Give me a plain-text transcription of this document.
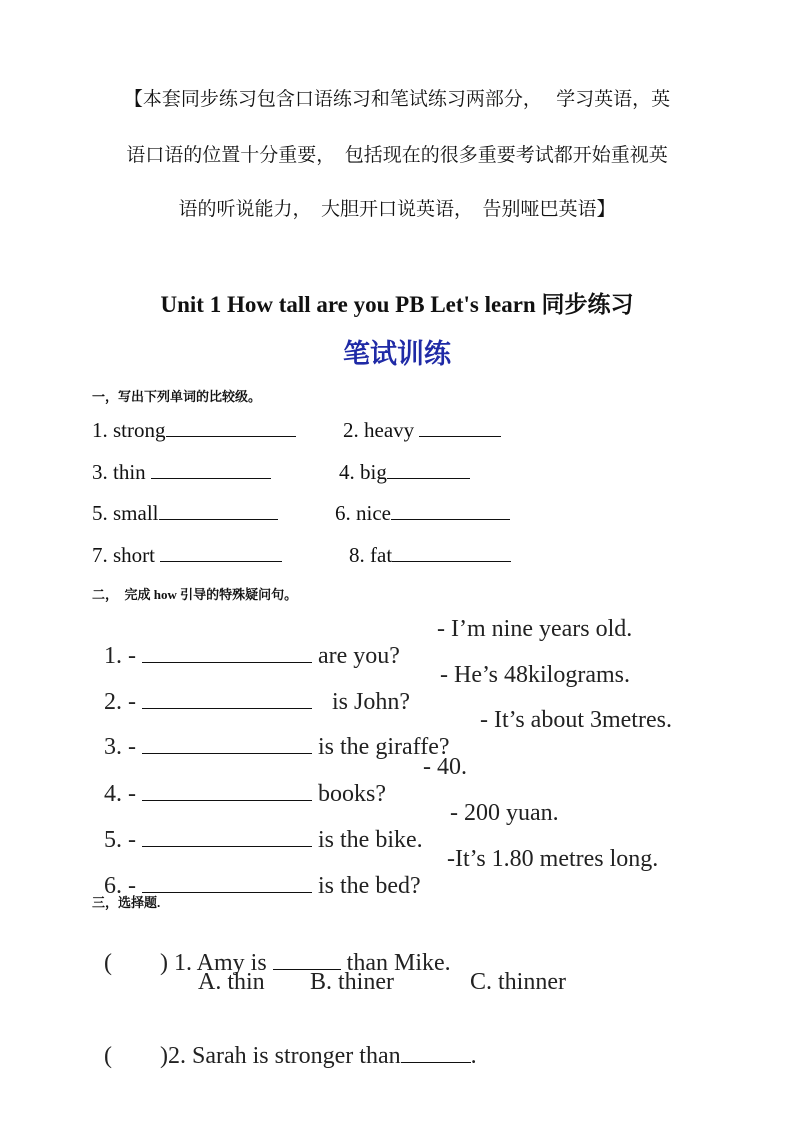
【本套同步练习包含口语练习和笔试练习两部分，   学习英语，英
语口语的位置十分重要，  包括现在的很多重要考试都开始重视英
语的听说能力，  大胆开口说英语，  告别哑巴英语】
Unit 1 How tall are you PB Let's learn 同步练习
笔试训练
一，写出下列单词的比较级。
1. strong	2. heavy
3. thin	4. big
5. small	6. nice
7. short	8. fat
二，  完成 how 引导的特殊疑问句。

1. -	are you?

- I’m nine years old.

2. -	is John?

- He’s 48kilograms.

3. -	is the giraffe?

- It’s about 3metres.

4. -	books?

- 40.

5. -	is the bike.

- 200 yuan.

6. -	is the bed?

-It’s 1.80 metres long.
三，选择题.

(        ) 1. Amy is	than Mike.

A. thin B. thiner	C. thinner

(        )2. Sarah is stronger than	.
